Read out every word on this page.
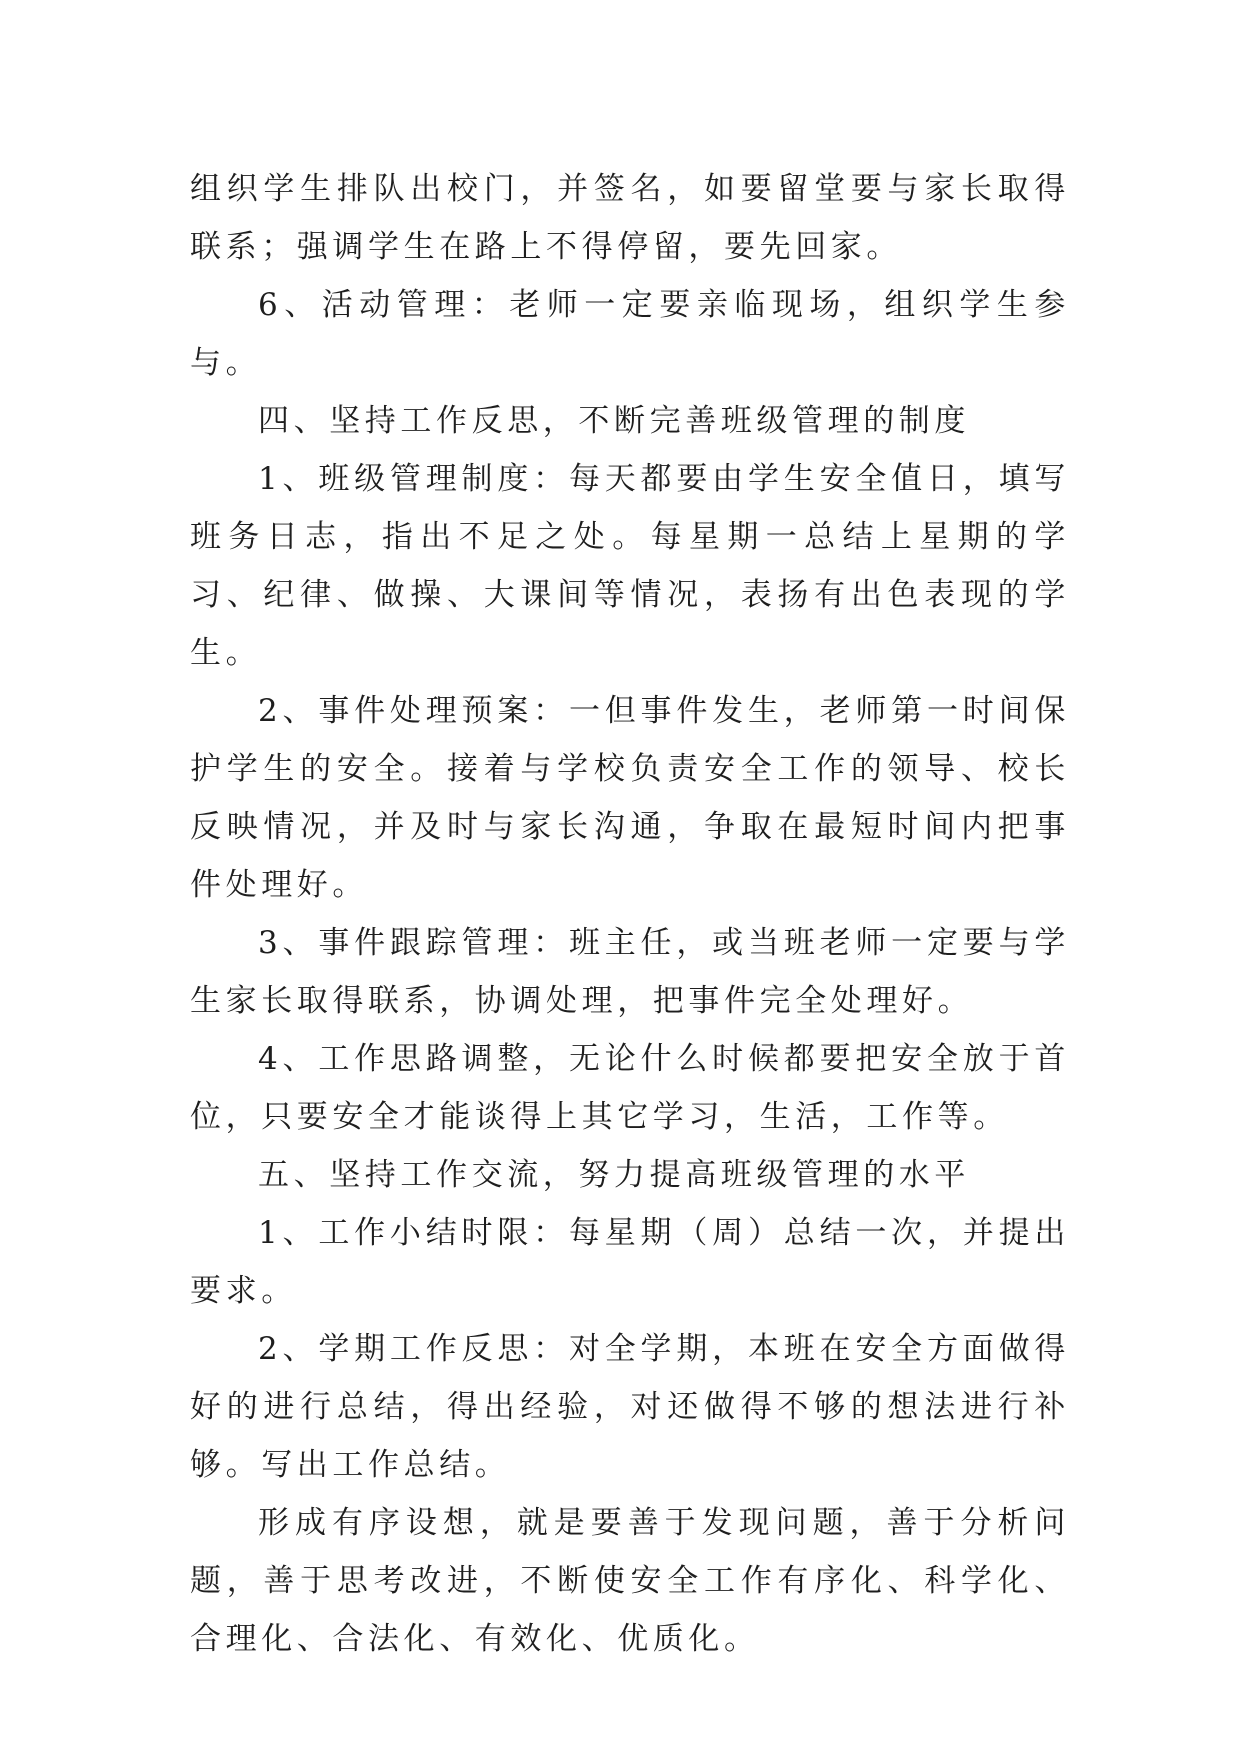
组织学生排队出校门，并签名，如要留堂要与家长取得联系；强调学生在路上不得停留，要先回家。

6、活动管理：老师一定要亲临现场，组织学生参与。

四、坚持工作反思，不断完善班级管理的制度

1、班级管理制度：每天都要由学生安全值日，填写班务日志，指出不足之处。每星期一总结上星期的学习、纪律、做操、大课间等情况，表扬有出色表现的学生。

2、事件处理预案：一但事件发生，老师第一时间保护学生的安全。接着与学校负责安全工作的领导、校长反映情况，并及时与家长沟通，争取在最短时间内把事件处理好。

3、事件跟踪管理：班主任，或当班老师一定要与学生家长取得联系，协调处理，把事件完全处理好。

4、工作思路调整，无论什么时候都要把安全放于首位，只要安全才能谈得上其它学习，生活，工作等。

五、坚持工作交流，努力提高班级管理的水平

1、工作小结时限：每星期（周）总结一次，并提出要求。

2、学期工作反思：对全学期，本班在安全方面做得好的进行总结，得出经验，对还做得不够的想法进行补够。写出工作总结。

形成有序设想，就是要善于发现问题，善于分析问题，善于思考改进，不断使安全工作有序化、科学化、合理化、合法化、有效化、优质化。
